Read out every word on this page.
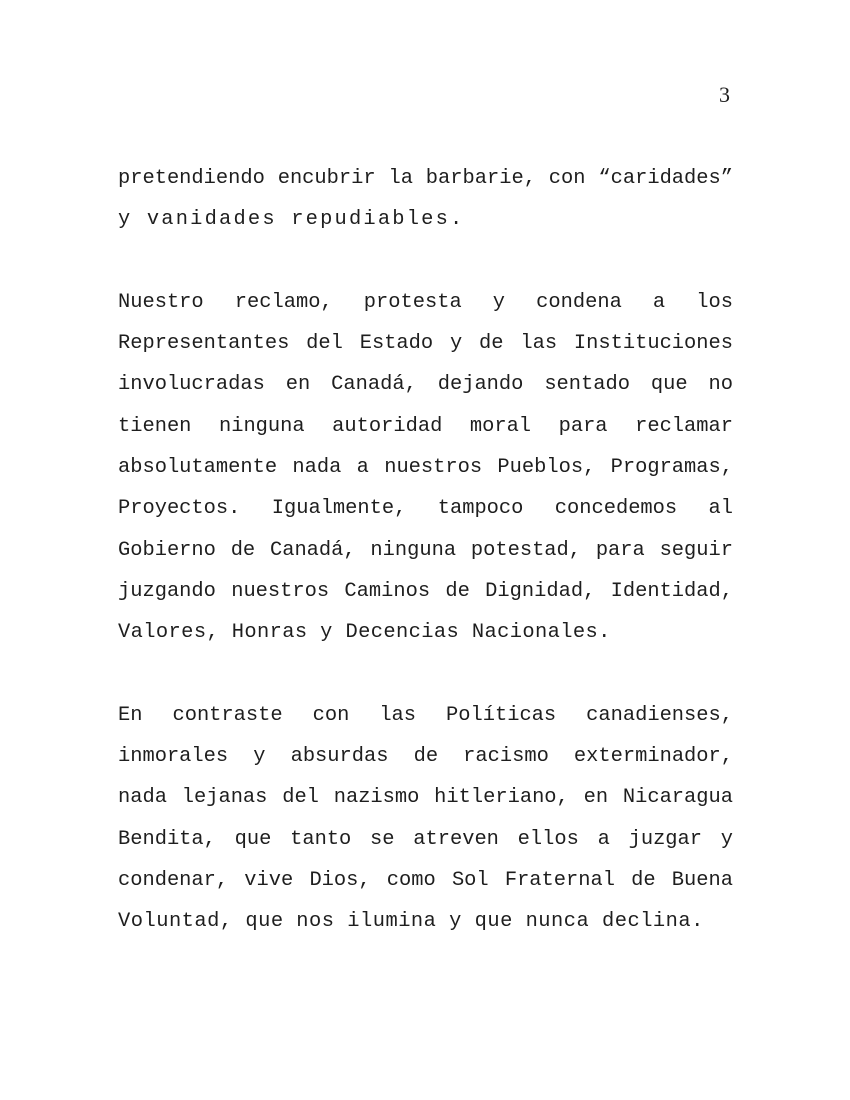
3
pretendiendo encubrir la barbarie, con “caridades”
y vanidades repudiables.
Nuestro reclamo, protesta y condena a los
Representantes del Estado y de las Instituciones
involucradas en Canadá, dejando sentado que no
tienen ninguna autoridad moral para reclamar
absolutamente nada a nuestros Pueblos, Programas,
Proyectos. Igualmente, tampoco concedemos al
Gobierno de Canadá, ninguna potestad, para seguir
juzgando nuestros Caminos de Dignidad, Identidad,
Valores, Honras y Decencias Nacionales.
En contraste con las Políticas canadienses,
inmorales y absurdas de racismo exterminador,
nada lejanas del nazismo hitleriano, en Nicaragua
Bendita, que tanto se atreven ellos a juzgar y
condenar, vive Dios, como Sol Fraternal de Buena
Voluntad, que nos ilumina y que nunca declina.
